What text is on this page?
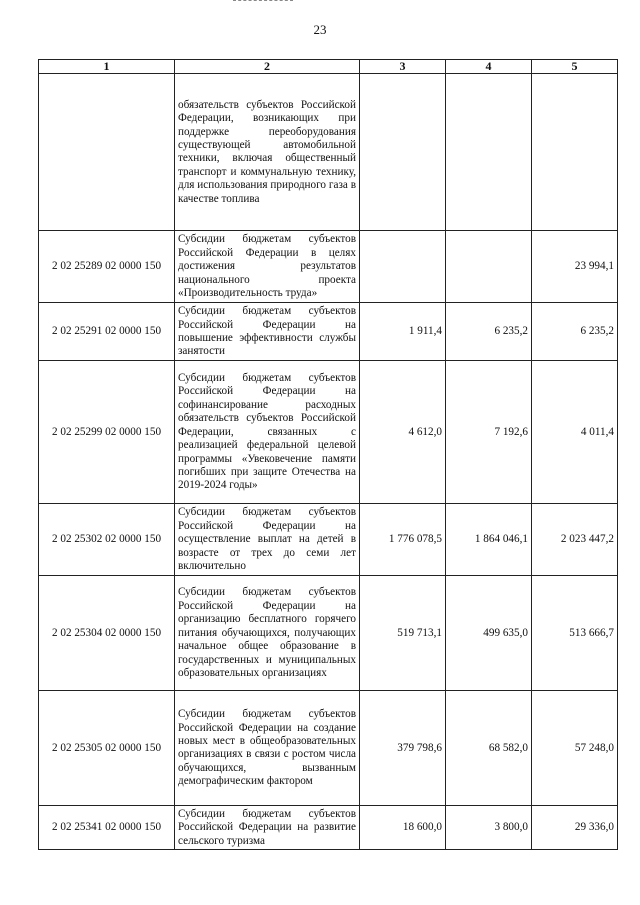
23
1	2	3	4	5
	обязательств субъектов Российской Федерации, возникающих при поддержке переоборудования существующей автомобильной техники, включая общественный транспорт и коммунальную технику, для использования природного газа в качестве топлива			
2 02 25289 02 0000 150	Субсидии бюджетам субъектов Российской Федерации в целях достижения результатов национального проекта «Производительность труда»			23 994,1
2 02 25291 02 0000 150	Субсидии бюджетам субъектов Российской Федерации на повышение эффективности службы занятости	1 911,4	6 235,2	6 235,2
2 02 25299 02 0000 150	Субсидии бюджетам субъектов Российской Федерации на софинансирование расходных обязательств субъектов Российской Федерации, связанных с реализацией федеральной целевой программы «Увековечение памяти погибших при защите Отечества на 2019-2024 годы»	4 612,0	7 192,6	4 011,4
2 02 25302 02 0000 150	Субсидии бюджетам субъектов Российской Федерации на осуществление выплат на детей в возрасте от трех до семи лет включительно	1 776 078,5	1 864 046,1	2 023 447,2
2 02 25304 02 0000 150	Субсидии бюджетам субъектов Российской Федерации на организацию бесплатного горячего питания обучающихся, получающих начальное общее образование в государственных и муниципальных образовательных организациях	519 713,1	499 635,0	513 666,7
2 02 25305 02 0000 150	Субсидии бюджетам субъектов Российской Федерации на создание новых мест в общеобразовательных организациях в связи с ростом числа обучающихся, вызванным демографическим фактором	379 798,6	68 582,0	57 248,0
2 02 25341 02 0000 150	Субсидии бюджетам субъектов Российской Федерации на развитие сельского туризма	18 600,0	3 800,0	29 336,0
